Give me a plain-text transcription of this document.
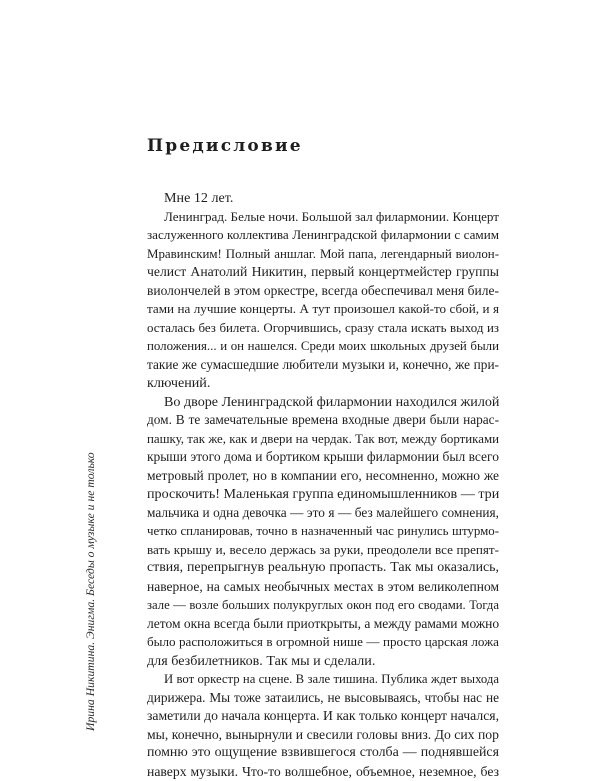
Ирина Никитина. Энигма. Беседы о музыке и не только
Предисловие
Мне 12 лет.
Ленинград. Белые ночи. Большой зал филармонии. Концерт
заслуженного коллектива Ленинградской филармонии с самим
Мравинским! Полный аншлаг. Мой папа, легендарный виолон-
челист Анатолий Никитин, первый концертмейстер группы
виолончелей в этом оркестре, всегда обеспечивал меня биле-
тами на лучшие концерты. А тут произошел какой-то сбой, и я
осталась без билета. Огорчившись, сразу стала искать выход из
положения... и он нашелся. Среди моих школьных друзей были
такие же сумасшедшие любители музыки и, конечно, же при-
ключений.
Во дворе Ленинградской филармонии находился жилой
дом. В те замечательные времена входные двери были нарас-
пашку, так же, как и двери на чердак. Так вот, между бортиками
крыши этого дома и бортиком крыши филармонии был всего
метровый пролет, но в компании его, несомненно, можно же
проскочить! Маленькая группа единомышленников — три
мальчика и одна девочка — это я — без малейшего сомнения,
четко спланировав, точно в назначенный час ринулись штурмо-
вать крышу и, весело держась за руки, преодолели все препят-
ствия, перепрыгнув реальную пропасть. Так мы оказались,
наверное, на самых необычных местах в этом великолепном
зале — возле больших полукруглых окон под его сводами. Тогда
летом окна всегда были приоткрыты, а между рамами можно
было расположиться в огромной нише — просто царская ложа
для безбилетников. Так мы и сделали.
И вот оркестр на сцене. В зале тишина. Публика ждет выхода
дирижера. Мы тоже затаились, не высовываясь, чтобы нас не
заметили до начала концерта. И как только концерт начался,
мы, конечно, вынырнули и свесили головы вниз. До сих пор
помню это ощущение взвившегося столба — поднявшейся
наверх музыки. Что-то волшебное, объемное, неземное, без
